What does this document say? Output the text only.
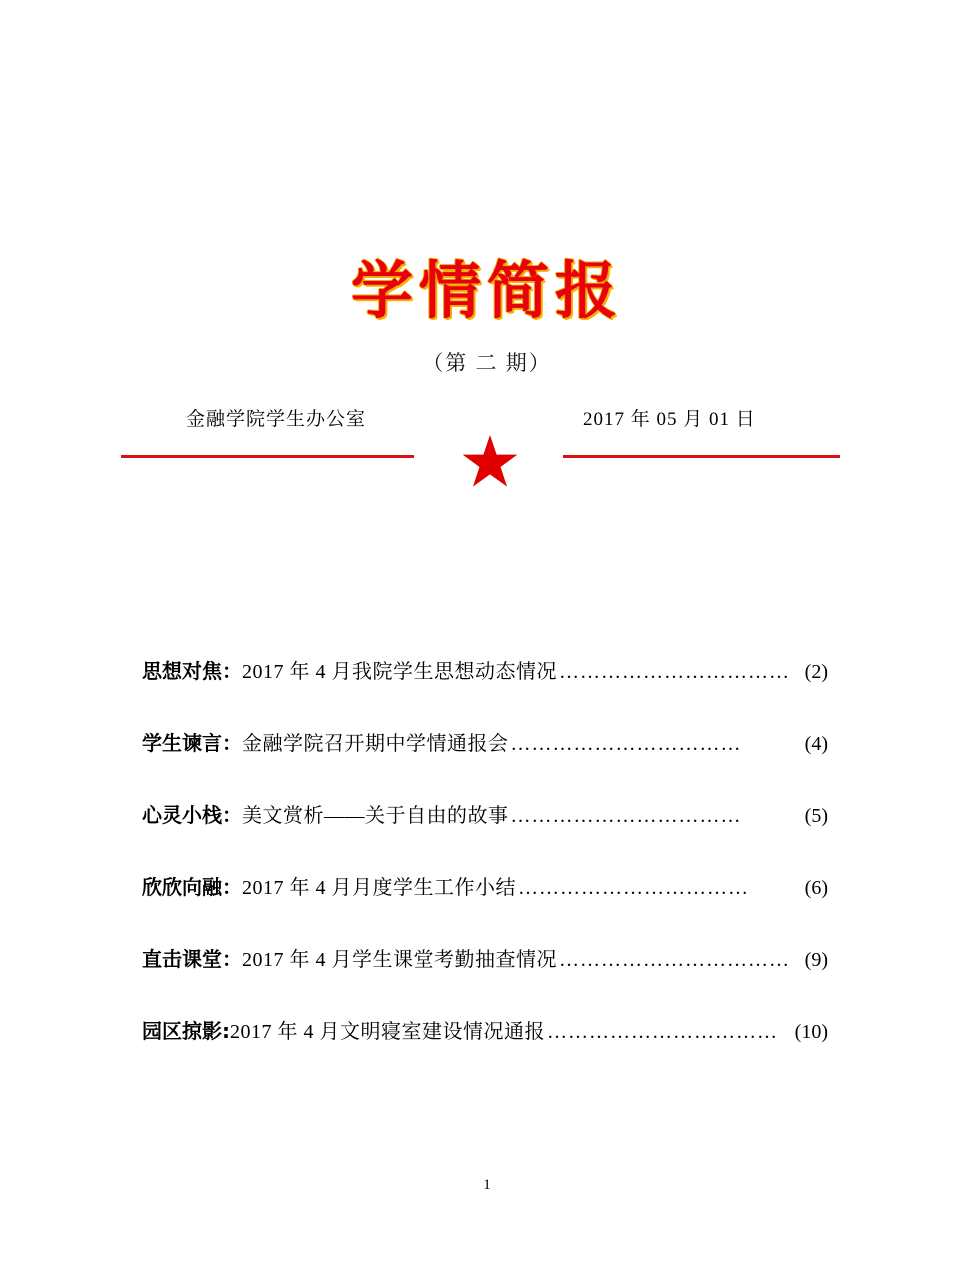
学情简报
（第 二 期）
金融学院学生办公室	2017 年 05 月 01 日
思想对焦： 2017 年 4 月我院学生思想动态情况 …………………………… (2)
学生谏言： 金融学院召开期中学情通报会 ……………………………	(4)
心灵小栈： 美文赏析——关于自由的故事 ……………………………	(5)
欣欣向融： 2017 年 4 月月度学生工作小结 ……………………………	(6)
直击课堂： 2017 年 4 月学生课堂考勤抽查情况 …………………………… (9)
园区掠影: 2017 年 4 月文明寝室建设情况通报 …………………………… (10)
1
